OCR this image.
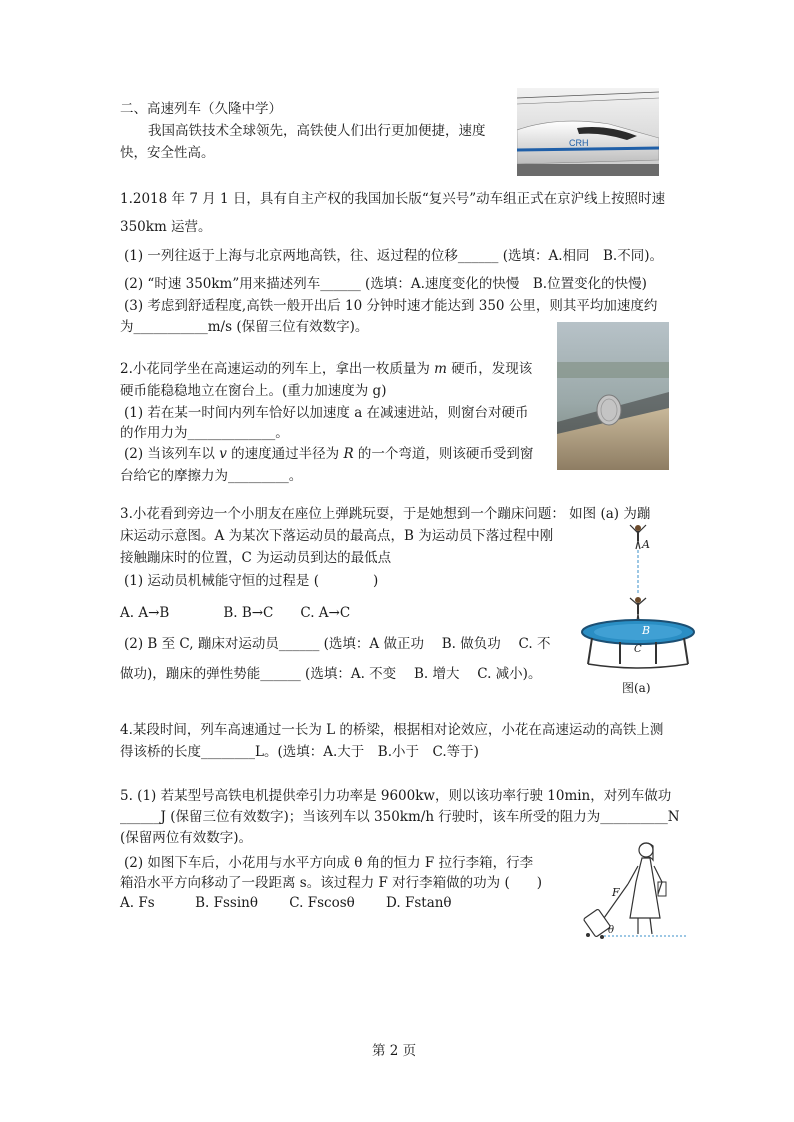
二、高速列车（久隆中学）
我国高铁技术全球领先，高铁使人们出行更加便捷，速度
快，安全性高。
CRH
1.2018 年 7 月 1 日，具有自主产权的我国加长版“复兴号”动车组正式在京沪线上按照时速
350km 运营。
(1) 一列往返于上海与北京两地高铁，往、返过程的位移______ (选填：A.相同　B.不同)。
(2) “时速 350km”用来描述列车______ (选填：A.速度变化的快慢　B.位置变化的快慢)
(3) 考虑到舒适程度,高铁一般开出后 10 分钟时速才能达到 350 公里，则其平均加速度约
为___________m/s (保留三位有效数字)。
2.小花同学坐在高速运动的列车上，拿出一枚质量为 m 硬币，发现该
硬币能稳稳地立在窗台上。(重力加速度为 g)
(1) 若在某一时间内列车恰好以加速度 a 在减速进站，则窗台对硬币
的作用力为_____________。
(2) 当该列车以 v 的速度通过半径为 R 的一个弯道，则该硬币受到窗
台给它的摩擦力为_________。
3.小花看到旁边一个小朋友在座位上弹跳玩耍，于是她想到一个蹦床问题： 如图 (a) 为蹦
床运动示意图。A 为某次下落运动员的最高点，B 为运动员下落过程中刚
接触蹦床时的位置，C 为运动员到达的最低点
(1) 运动员机械能守恒的过程是 (　　　　)
A. A→B　　　　B. B→C　　C. A→C
(2) B 至 C, 蹦床对运动员______ (选填：A 做正功　 B. 做负功　 C. 不
做功)，蹦床的弹性势能______ (选填：A. 不变　 B. 增大　 C. 减小)。
A
B
C
图(a)
4.某段时间，列车高速通过一长为 L 的桥梁，根据相对论效应，小花在高速运动的高铁上测
得该桥的长度________L。(选填：A.大于　B.小于　C.等于)
5. (1) 若某型号高铁电机提供牵引力功率是 9600kw，则以该功率行驶 10min，对列车做功
______J (保留三位有效数字)；当该列车以 350km/h 行驶时，该车所受的阻力为__________N
(保留两位有效数字)。
(2) 如图下车后，小花用与水平方向成 θ 角的恒力 F 拉行李箱，行李
箱沿水平方向移动了一段距离 s。该过程力 F 对行李箱做的功为 (　　)
A. Fs　　　B. Fssinθ　　 C. Fscosθ　　 D. Fstanθ
F
θ
第 2 页
